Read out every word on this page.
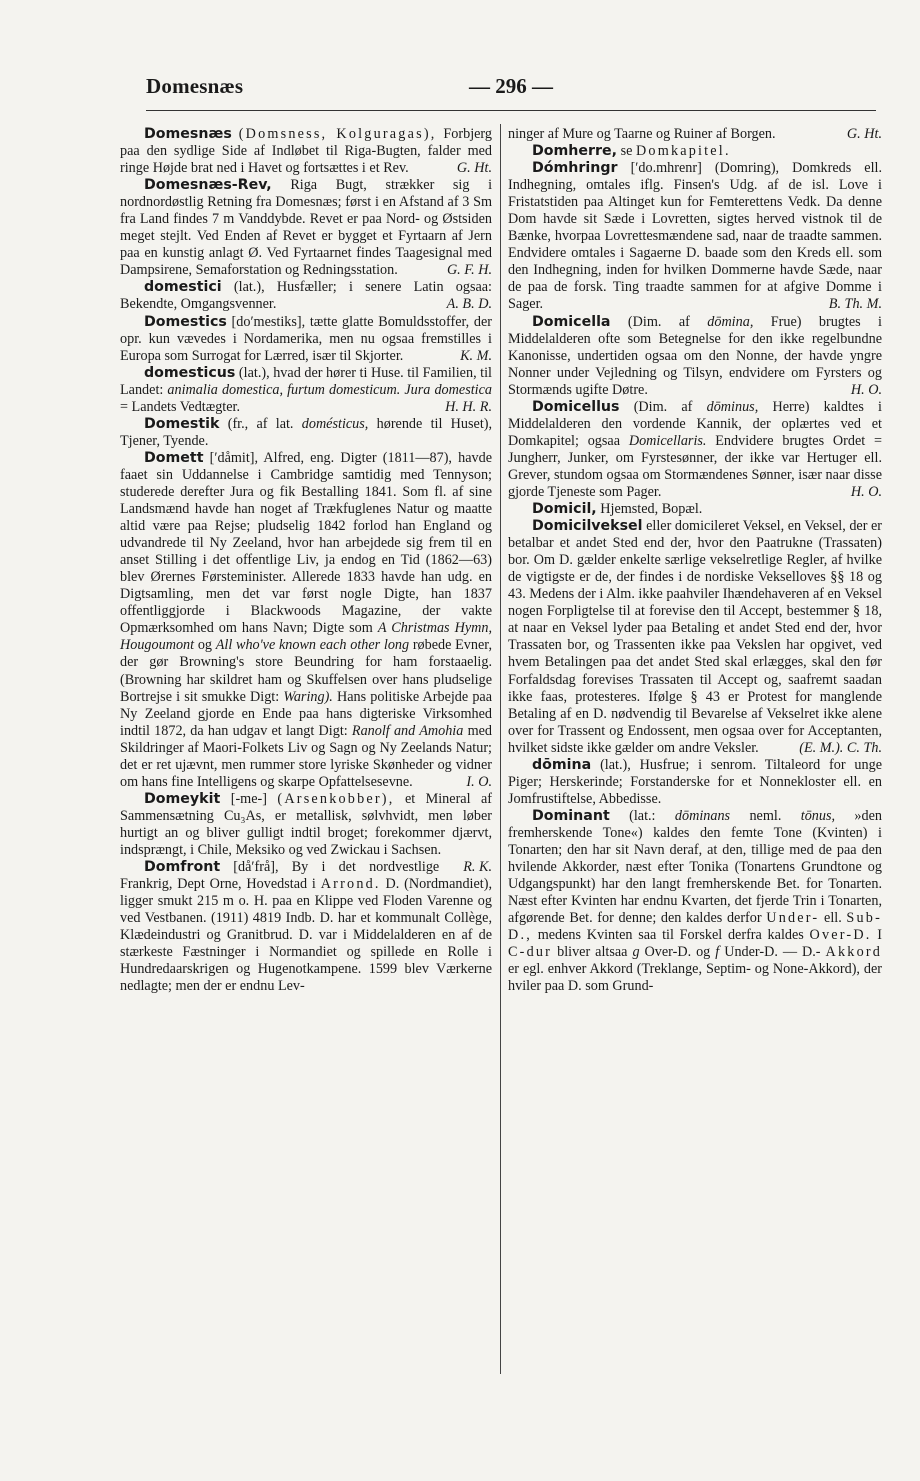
Domesnæs	— 296 —

Domesnæs (Domsness, Kolguragas), Forbjerg paa den sydlige Side af Indløbet til Riga-Bugten, falder med ringe Højde brat ned i Havet og fortsættes i et Rev.	G. Ht.

Domesnæs-Rev, Riga Bugt, strækker sig i nordnordøstlig Retning fra Domesnæs; først i en Afstand af 3 Sm fra Land findes 7 m Vanddybde. Revet er paa Nord- og Østsiden meget stejlt. Ved Enden af Revet er bygget et Fyrtaarn af Jern paa en kunstig anlagt Ø. Ved Fyrtaarnet findes Taagesignal med Dampsirene, Semaforstation og Redningsstation.	G. F. H.

domestici (lat.), Husfæller; i senere Latin ogsaa: Bekendte, Omgangsvenner.	A. B. D.

Domestics [doʹmestiks], tætte glatte Bomuldsstoffer, der opr. kun vævedes i Nordamerika, men nu ogsaa fremstilles i Europa som Surrogat for Lærred, især til Skjorter.	K. M.

domesticus (lat.), hvad der hører ti Huse. til Familien, til Landet: animalia domestica, furtum domesticum. Jura domestica = Landets Vedtægter.	H. H. R.

Domestik (fr., af lat. domésticus, hørende til Huset), Tjener, Tyende.

Domett [ʹdåmit], Alfred, eng. Digter (1811—87), havde faaet sin Uddannelse i Cambridge samtidig med Tennyson; studerede derefter Jura og fik Bestalling 1841. Som fl. af sine Landsmænd havde han noget af Trækfuglenes Natur og maatte altid være paa Rejse; pludselig 1842 forlod han England og udvandrede til Ny Zeeland, hvor han arbejdede sig frem til en anset Stilling i det offentlige Liv, ja endog en Tid (1862—63) blev Ørernes Førsteminister. Allerede 1833 havde han udg. en Digtsamling, men det var først nogle Digte, han 1837 offentliggjorde i Blackwoods Magazine, der vakte Opmærksomhed om hans Navn; Digte som A Christmas Hymn, Hougoumont og All who've known each other long røbede Evner, der gør Browning's store Beundring for ham forstaaelig. (Browning har skildret ham og Skuffelsen over hans pludselige Bortrejse i sit smukke Digt: Waring). Hans politiske Arbejde paa Ny Zeeland gjorde en Ende paa hans digteriske Virksomhed indtil 1872, da han udgav et langt Digt: Ranolf and Amohia med Skildringer af Maori-Folkets Liv og Sagn og Ny Zeelands Natur; det er ret ujævnt, men rummer store lyriske Skønheder og vidner om hans fine Intelligens og skarpe Opfattelsesevne.	I. O.

Domeykit [-me-] (Arsenkobber), et Mineral af Sammensætning Cu₃As, er metallisk, sølvhvidt, men løber hurtigt an og bliver gulligt indtil broget; forekommer djærvt, indsprængt, i Chile, Meksiko og ved Zwickau i Sachsen.
R. K.

Domfront [dåʹfrå], By i det nordvestlige Frankrig, Dept Orne, Hovedstad i Arrond. D. (Nordmandiet), ligger smukt 215 m o. H. paa en Klippe ved Floden Varenne og ved Vestbanen. (1911) 4819 Indb. D. har et kommunalt Collège, Klædeindustri og Granitbrud. D. var i Middelalderen en af de stærkeste Fæstninger i Normandiet og spillede en Rolle i Hundredaarskrigen og Hugenotkampene. 1599 blev Værkerne nedlagte; men der er endnu Lev-

ninger af Mure og Taarne og Ruiner af Borgen.	G. Ht.

Domherre, se Domkapitel.

Dómhringr [ʹdo.mhrenr] (Domring), Domkreds ell. Indhegning, omtales iflg. Finsen's Udg. af de isl. Love i Fristatstiden paa Altinget kun for Femterettens Vedk. Da denne Dom havde sit Sæde i Lovretten, sigtes herved vistnok til de Bænke, hvorpaa Lovrettesmændene sad, naar de traadte sammen. Endvidere omtales i Sagaerne D. baade som den Kreds ell. som den Indhegning, inden for hvilken Dommerne havde Sæde, naar de paa de forsk. Ting traadte sammen for at afgive Domme i Sager.	B. Th. M.

Domicella (Dim. af dōmina, Frue) brugtes i Middelalderen ofte som Betegnelse for den ikke regelbundne Kanonisse, undertiden ogsaa om den Nonne, der havde yngre Nonner under Vejledning og Tilsyn, endvidere om Fyrsters og Stormænds ugifte Døtre.	H. O.

Domicellus (Dim. af dōminus, Herre) kaldtes i Middelalderen den vordende Kannik, der oplærtes ved et Domkapitel; ogsaa Domicellaris. Endvidere brugtes Ordet = Jungherr, Junker, om Fyrstesønner, der ikke var Hertuger ell. Grever, stundom ogsaa om Stormændenes Sønner, især naar disse gjorde Tjeneste som Pager.	H. O.

Domicil, Hjemsted, Bopæl.

Domicilveksel eller domicileret Veksel, en Veksel, der er betalbar et andet Sted end der, hvor den Paatrukne (Trassaten) bor. Om D. gælder enkelte særlige vekselretlige Regler, af hvilke de vigtigste er de, der findes i de nordiske Vekselloves §§ 18 og 43. Medens der i Alm. ikke paahviler Ihændehaveren af en Veksel nogen Forpligtelse til at forevise den til Accept, bestemmer § 18, at naar en Veksel lyder paa Betaling et andet Sted end der, hvor Trassaten bor, og Trassenten ikke paa Vekslen har opgivet, ved hvem Betalingen paa det andet Sted skal erlægges, skal den før Forfaldsdag forevises Trassaten til Accept og, saafremt saadan ikke faas, protesteres. Ifølge § 43 er Protest for manglende Betaling af en D. nødvendig til Bevarelse af Vekselret ikke alene over for Trassent og Endossent, men ogsaa over for Acceptanten, hvilket sidste ikke gælder om andre Veksler.	(E. M.). C. Th.

dōmina (lat.), Husfrue; i senrom. Tiltaleord for unge Piger; Herskerinde; Forstanderske for et Nonnekloster ell. en Jomfrustiftelse, Abbedisse.

Dominant (lat.: dōminans neml. tōnus, »den fremherskende Tone«) kaldes den femte Tone (Kvinten) i Tonarten; den har sit Navn deraf, at den, tillige med de paa den hvilende Akkorder, næst efter Tonika (Tonartens Grundtone og Udgangspunkt) har den langt fremherskende Bet. for Tonarten. Næst efter Kvinten har endnu Kvarten, det fjerde Trin i Tonarten, afgørende Bet. for denne; den kaldes derfor Under- ell. Sub-D., medens Kvinten saa til Forskel derfra kaldes Over-D. I C-dur bliver altsaa g Over-D. og f Under-D. — D.- Akkord er egl. enhver Akkord (Treklange, Septim- og None-Akkord), der hviler paa D. som Grund-
